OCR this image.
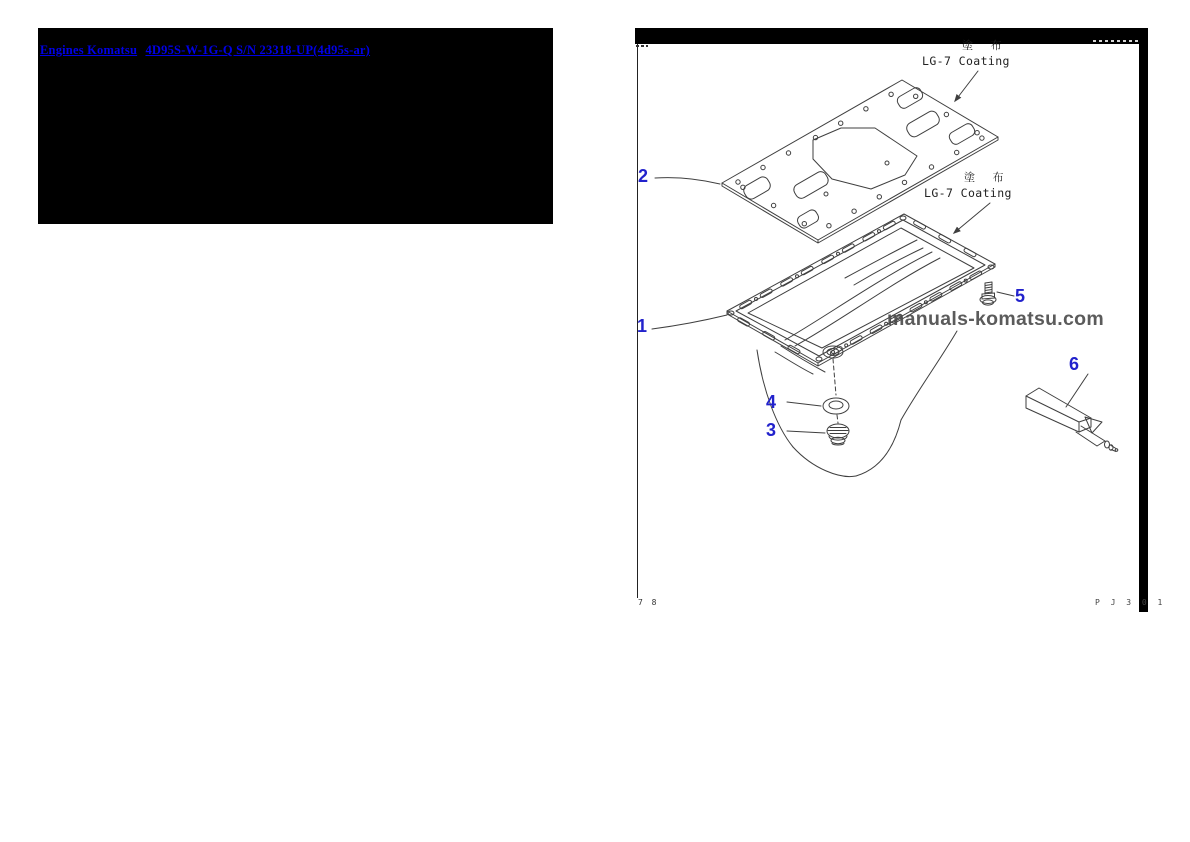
Engines Komatsu 4D95S-W-1G-Q S/N 23318-UP(4d95s-ar)	塗 布
LG-7 Coating
塗 布
LG-7 Coating
manuals-komatsu.com
1
2
3
4
5
6
7 8	P J 3 0 1
